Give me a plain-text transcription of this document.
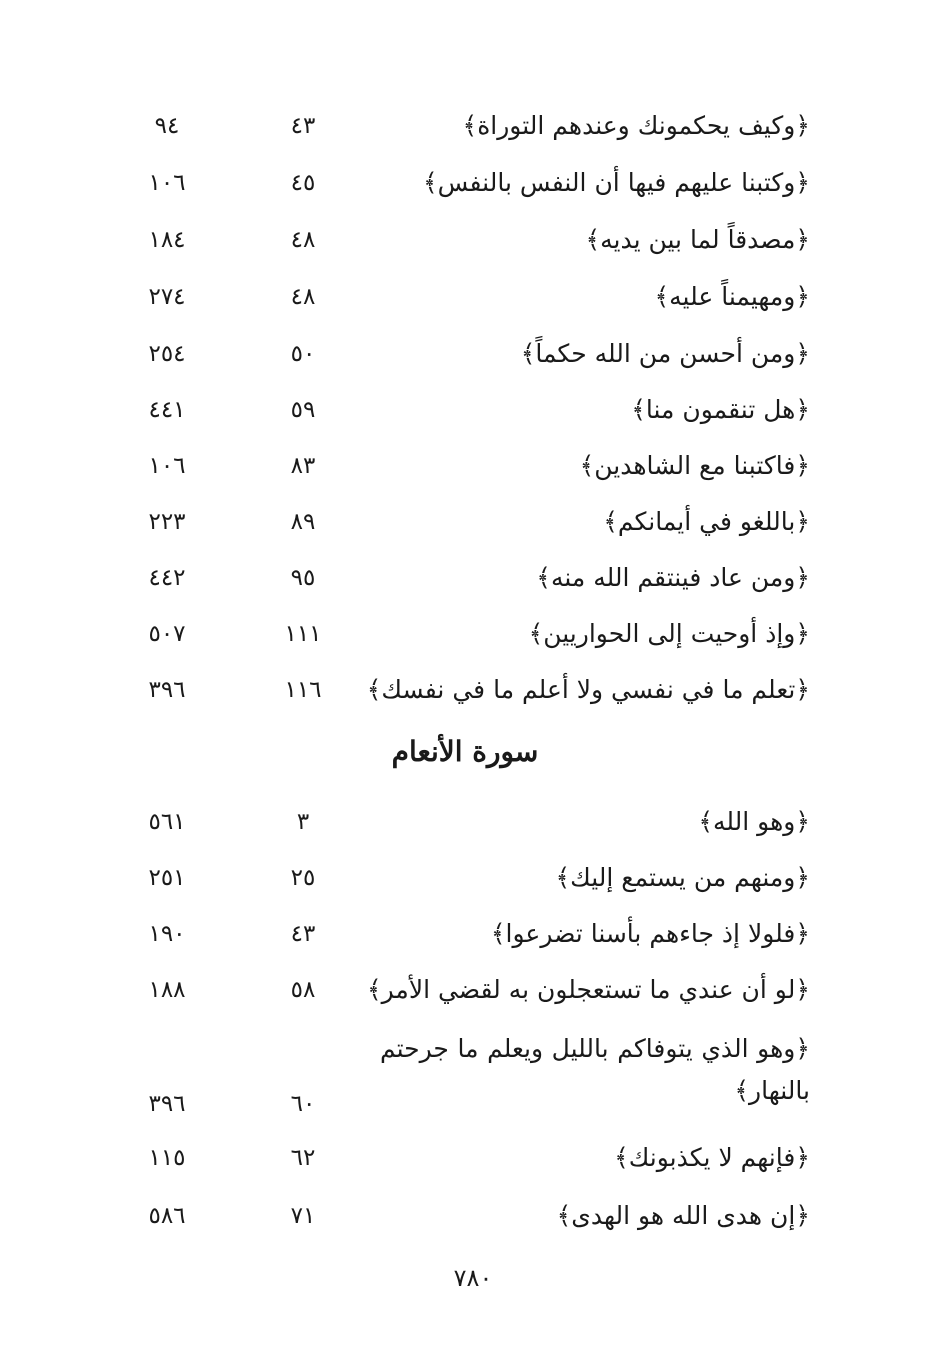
﴿وكيف يحكمونك وعندهم التوراة﴾
٤٣
٩٤
﴿وكتبنا عليهم فيها أن النفس بالنفس﴾
٤٥
١٠٦
﴿مصدقاً لما بين يديه﴾
٤٨
١٨٤
﴿ومهيمناً عليه﴾
٤٨
٢٧٤
﴿ومن أحسن من الله حكماً﴾
٥٠
٢٥٤
﴿هل تنقمون منا﴾
٥٩
٤٤١
﴿فاكتبنا مع الشاهدين﴾
٨٣
١٠٦
﴿باللغو في أيمانكم﴾
٨٩
٢٢٣
﴿ومن عاد فينتقم الله منه﴾
٩٥
٤٤٢
﴿وإذ أوحيت إلى الحواريين﴾
١١١
٥٠٧
﴿تعلم ما في نفسي ولا أعلم ما في نفسك﴾
١١٦
٣٩٦
سورة الأنعام
﴿وهو الله﴾
٣
٥٦١
﴿ومنهم من يستمع إليك﴾
٢٥
٢٥١
﴿فلولا إذ جاءهم بأسنا تضرعوا﴾
٤٣
١٩٠
﴿لو أن عندي ما تستعجلون به لقضي الأمر﴾
٥٨
١٨٨
﴿وهو الذي يتوفاكم بالليل ويعلم ما جرحتم بالنهار﴾
٦٠
٣٩٦
﴿فإنهم لا يكذبونك﴾
٦٢
١١٥
﴿إن هدى الله هو الهدى﴾
٧١
٥٨٦
٧٨٠
